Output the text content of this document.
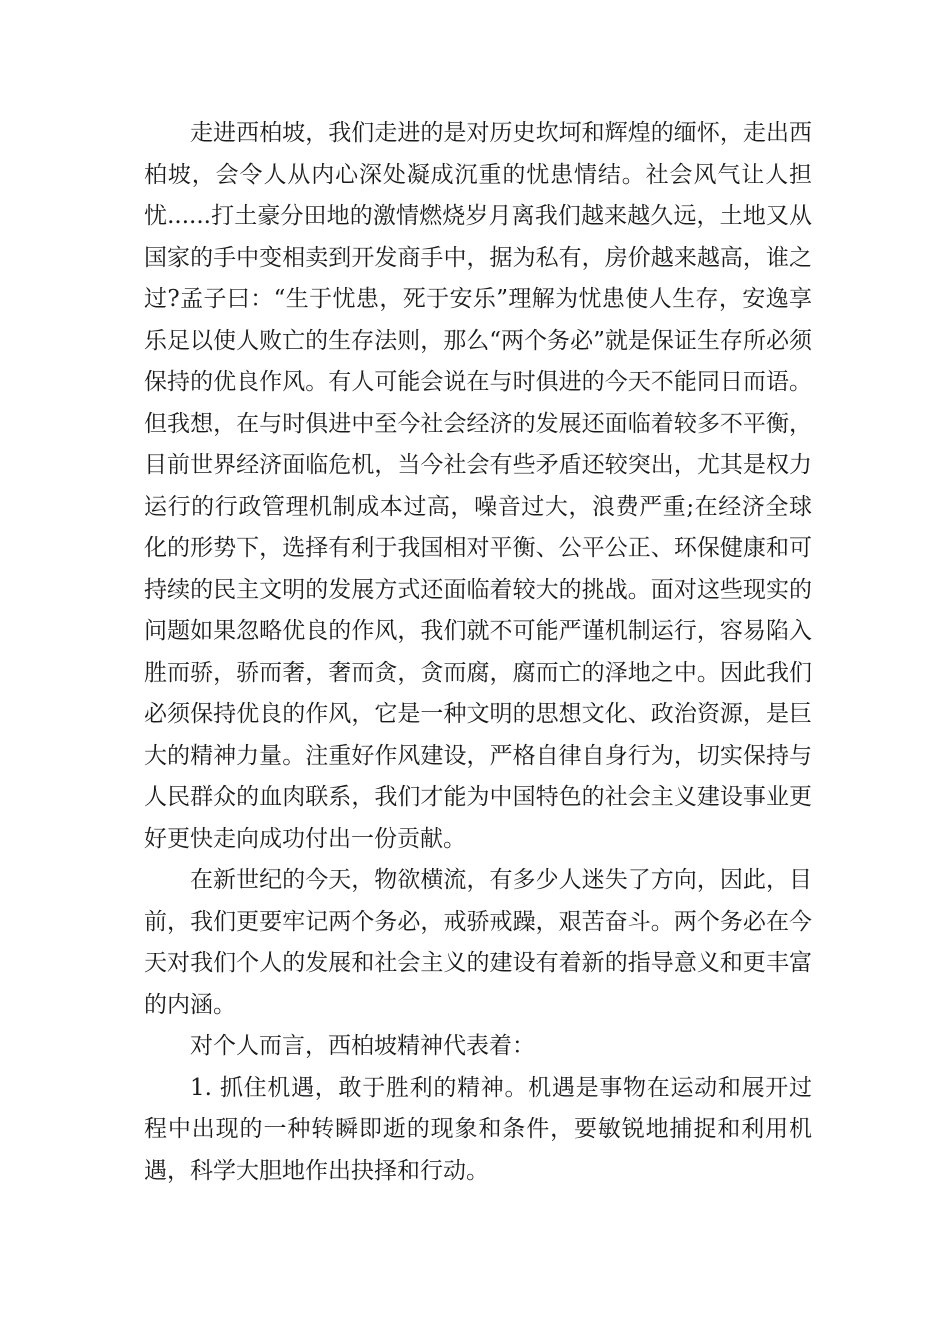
走进西柏坡，我们走进的是对历史坎坷和辉煌的缅怀，走出西柏坡，会令人从内心深处凝成沉重的忧患情结。社会风气让人担忧......打土豪分田地的激情燃烧岁月离我们越来越久远，土地又从国家的手中变相卖到开发商手中，据为私有，房价越来越高，谁之过?孟子曰：“生于忧患，死于安乐”理解为忧患使人生存，安逸享乐足以使人败亡的生存法则，那么“两个务必”就是保证生存所必须保持的优良作风。有人可能会说在与时俱进的今天不能同日而语。但我想，在与时俱进中至今社会经济的发展还面临着较多不平衡，目前世界经济面临危机，当今社会有些矛盾还较突出，尤其是权力运行的行政管理机制成本过高，噪音过大，浪费严重;在经济全球化的形势下，选择有利于我国相对平衡、公平公正、环保健康和可持续的民主文明的发展方式还面临着较大的挑战。面对这些现实的问题如果忽略优良的作风，我们就不可能严谨机制运行，容易陷入胜而骄，骄而奢，奢而贪，贪而腐，腐而亡的泽地之中。因此我们必须保持优良的作风，它是一种文明的思想文化、政治资源，是巨大的精神力量。注重好作风建设，严格自律自身行为，切实保持与人民群众的血肉联系，我们才能为中国特色的社会主义建设事业更好更快走向成功付出一份贡献。

在新世纪的今天，物欲横流，有多少人迷失了方向，因此，目前，我们更要牢记两个务必，戒骄戒躁，艰苦奋斗。两个务必在今天对我们个人的发展和社会主义的建设有着新的指导意义和更丰富的内涵。

对个人而言，西柏坡精神代表着：

1. 抓住机遇，敢于胜利的精神。机遇是事物在运动和展开过程中出现的一种转瞬即逝的现象和条件，要敏锐地捕捉和利用机遇，科学大胆地作出抉择和行动。
